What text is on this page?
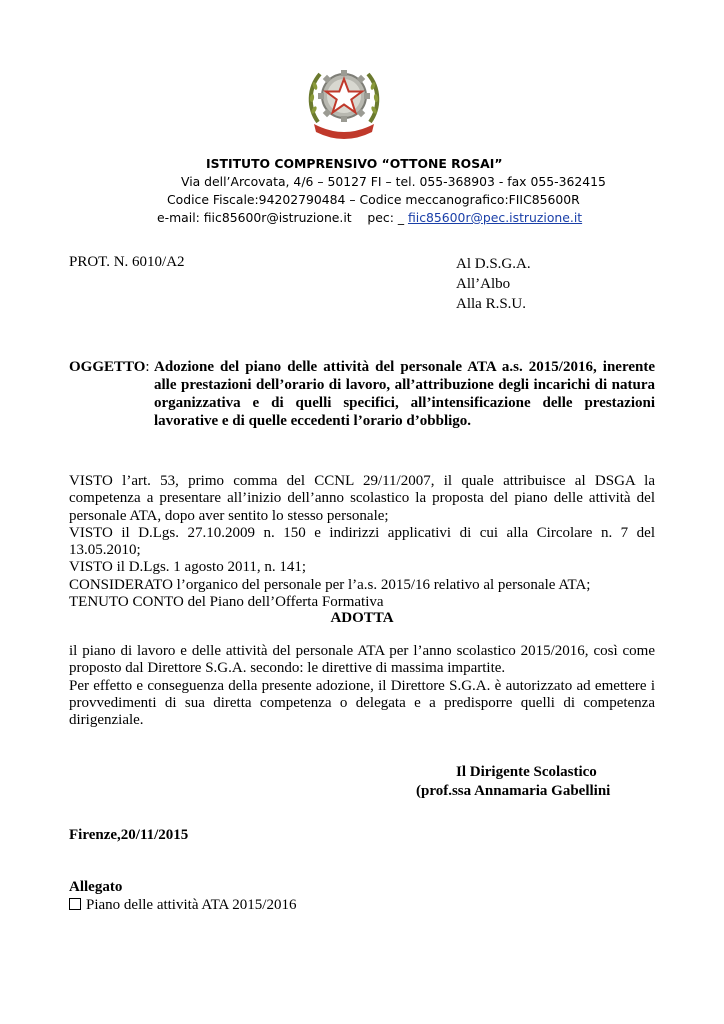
ISTITUTO COMPRENSIVO “OTTONE ROSAI”
Via dell’Arcovata, 4/6 – 50127 FI – tel. 055-368903 - fax 055-362415
Codice Fiscale:94202790484 – Codice meccanografico:FIIC85600R
e-mail: fiic85600r@istruzione.it    pec: _ fiic85600r@pec.istruzione.it
PROT. N. 6010/A2	Al D.S.G.A.
All’Albo
Alla R.S.U.
OGGETTO: Adozione del piano delle attività del personale ATA a.s. 2015/2016, inerente alle prestazioni dell’orario di lavoro, all’attribuzione degli incarichi di natura organizzativa e di quelli specifici, all’intensificazione delle prestazioni lavorative e di quelle eccedenti l’orario d’obbligo.

VISTO l’art. 53, primo comma del CCNL 29/11/2007, il quale attribuisce al DSGA la competenza a presentare all’inizio dell’anno scolastico la proposta del piano delle attività del personale ATA, dopo aver sentito lo stesso personale;

VISTO il D.Lgs. 27.10.2009 n. 150 e indirizzi applicativi di cui alla Circolare n. 7 del 13.05.2010;

VISTO il D.Lgs. 1 agosto 2011, n. 141;

CONSIDERATO l’organico del personale per l’a.s. 2015/16 relativo al personale ATA;

TENUTO CONTO del Piano dell’Offerta Formativa

ADOTTA

il piano di lavoro e delle attività del personale ATA per l’anno scolastico 2015/2016, così come proposto dal Direttore S.G.A. secondo: le direttive di massima impartite.

Per effetto e conseguenza della presente adozione, il Direttore S.G.A. è autorizzato ad emettere i provvedimenti di sua diretta competenza o delegata e a predisporre quelli di competenza dirigenziale.

Il Dirigente Scolastico
(prof.ssa Annamaria Gabellini
Firenze,20/11/2015
Allegato
Piano delle attività ATA 2015/2016
